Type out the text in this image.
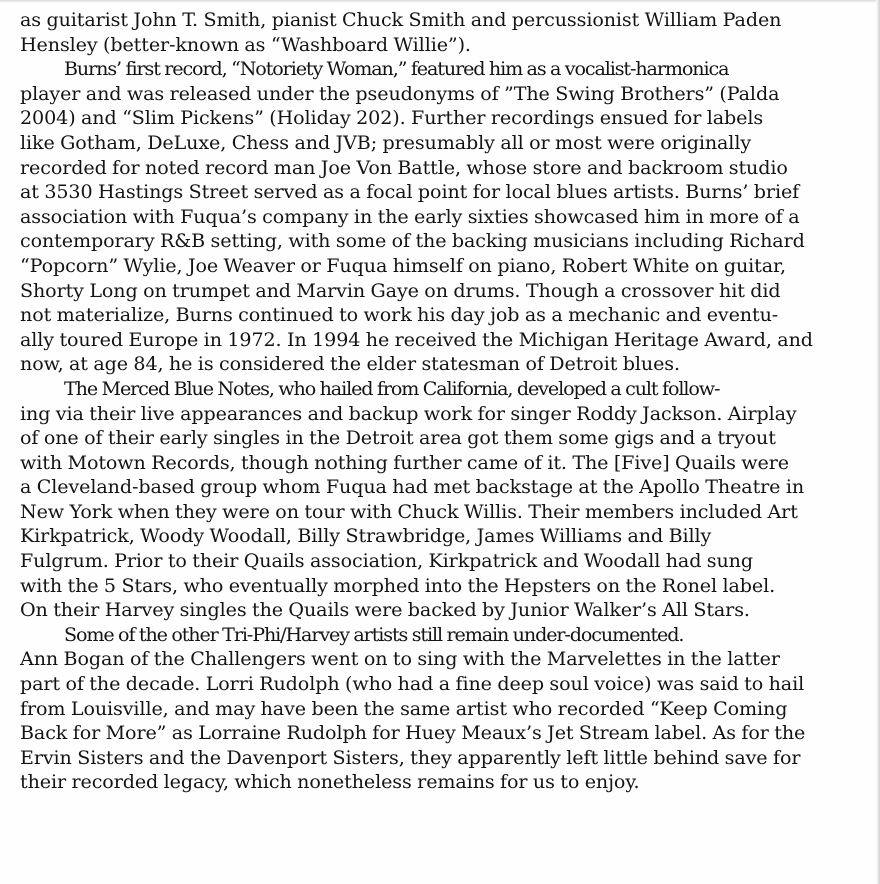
as guitarist John T. Smith, pianist Chuck Smith and percussionist William Paden
Hensley (better-known as “Washboard Willie”).

Burns’ first record, “Notoriety Woman,” featured him as a vocalist-harmonica
player and was released under the pseudonyms of ”The Swing Brothers” (Palda
2004) and “Slim Pickens” (Holiday 202). Further recordings ensued for labels
like Gotham, DeLuxe, Chess and JVB; presumably all or most were originally
recorded for noted record man Joe Von Battle, whose store and backroom studio
at 3530 Hastings Street served as a focal point for local blues artists. Burns’ brief
association with Fuqua’s company in the early sixties showcased him in more of a
contemporary R&B setting, with some of the backing musicians including Richard
“Popcorn” Wylie, Joe Weaver or Fuqua himself on piano, Robert White on guitar,
Shorty Long on trumpet and Marvin Gaye on drums. Though a crossover hit did
not materialize, Burns continued to work his day job as a mechanic and eventu-
ally toured Europe in 1972. In 1994 he received the Michigan Heritage Award, and
now, at age 84, he is considered the elder statesman of Detroit blues.

The Merced Blue Notes, who hailed from California, developed a cult follow-
ing via their live appearances and backup work for singer Roddy Jackson. Airplay
of one of their early singles in the Detroit area got them some gigs and a tryout
with Motown Records, though nothing further came of it. The [Five] Quails were
a Cleveland-based group whom Fuqua had met backstage at the Apollo Theatre in
New York when they were on tour with Chuck Willis. Their members included Art
Kirkpatrick, Woody Woodall, Billy Strawbridge, James Williams and Billy
Fulgrum. Prior to their Quails association, Kirkpatrick and Woodall had sung
with the 5 Stars, who eventually morphed into the Hepsters on the Ronel label.
On their Harvey singles the Quails were backed by Junior Walker’s All Stars.

Some of the other Tri-Phi/Harvey artists still remain under-documented.
Ann Bogan of the Challengers went on to sing with the Marvelettes in the latter
part of the decade. Lorri Rudolph (who had a fine deep soul voice) was said to hail
from Louisville, and may have been the same artist who recorded “Keep Coming
Back for More” as Lorraine Rudolph for Huey Meaux’s Jet Stream label. As for the
Ervin Sisters and the Davenport Sisters, they apparently left little behind save for
their recorded legacy, which nonetheless remains for us to enjoy.
